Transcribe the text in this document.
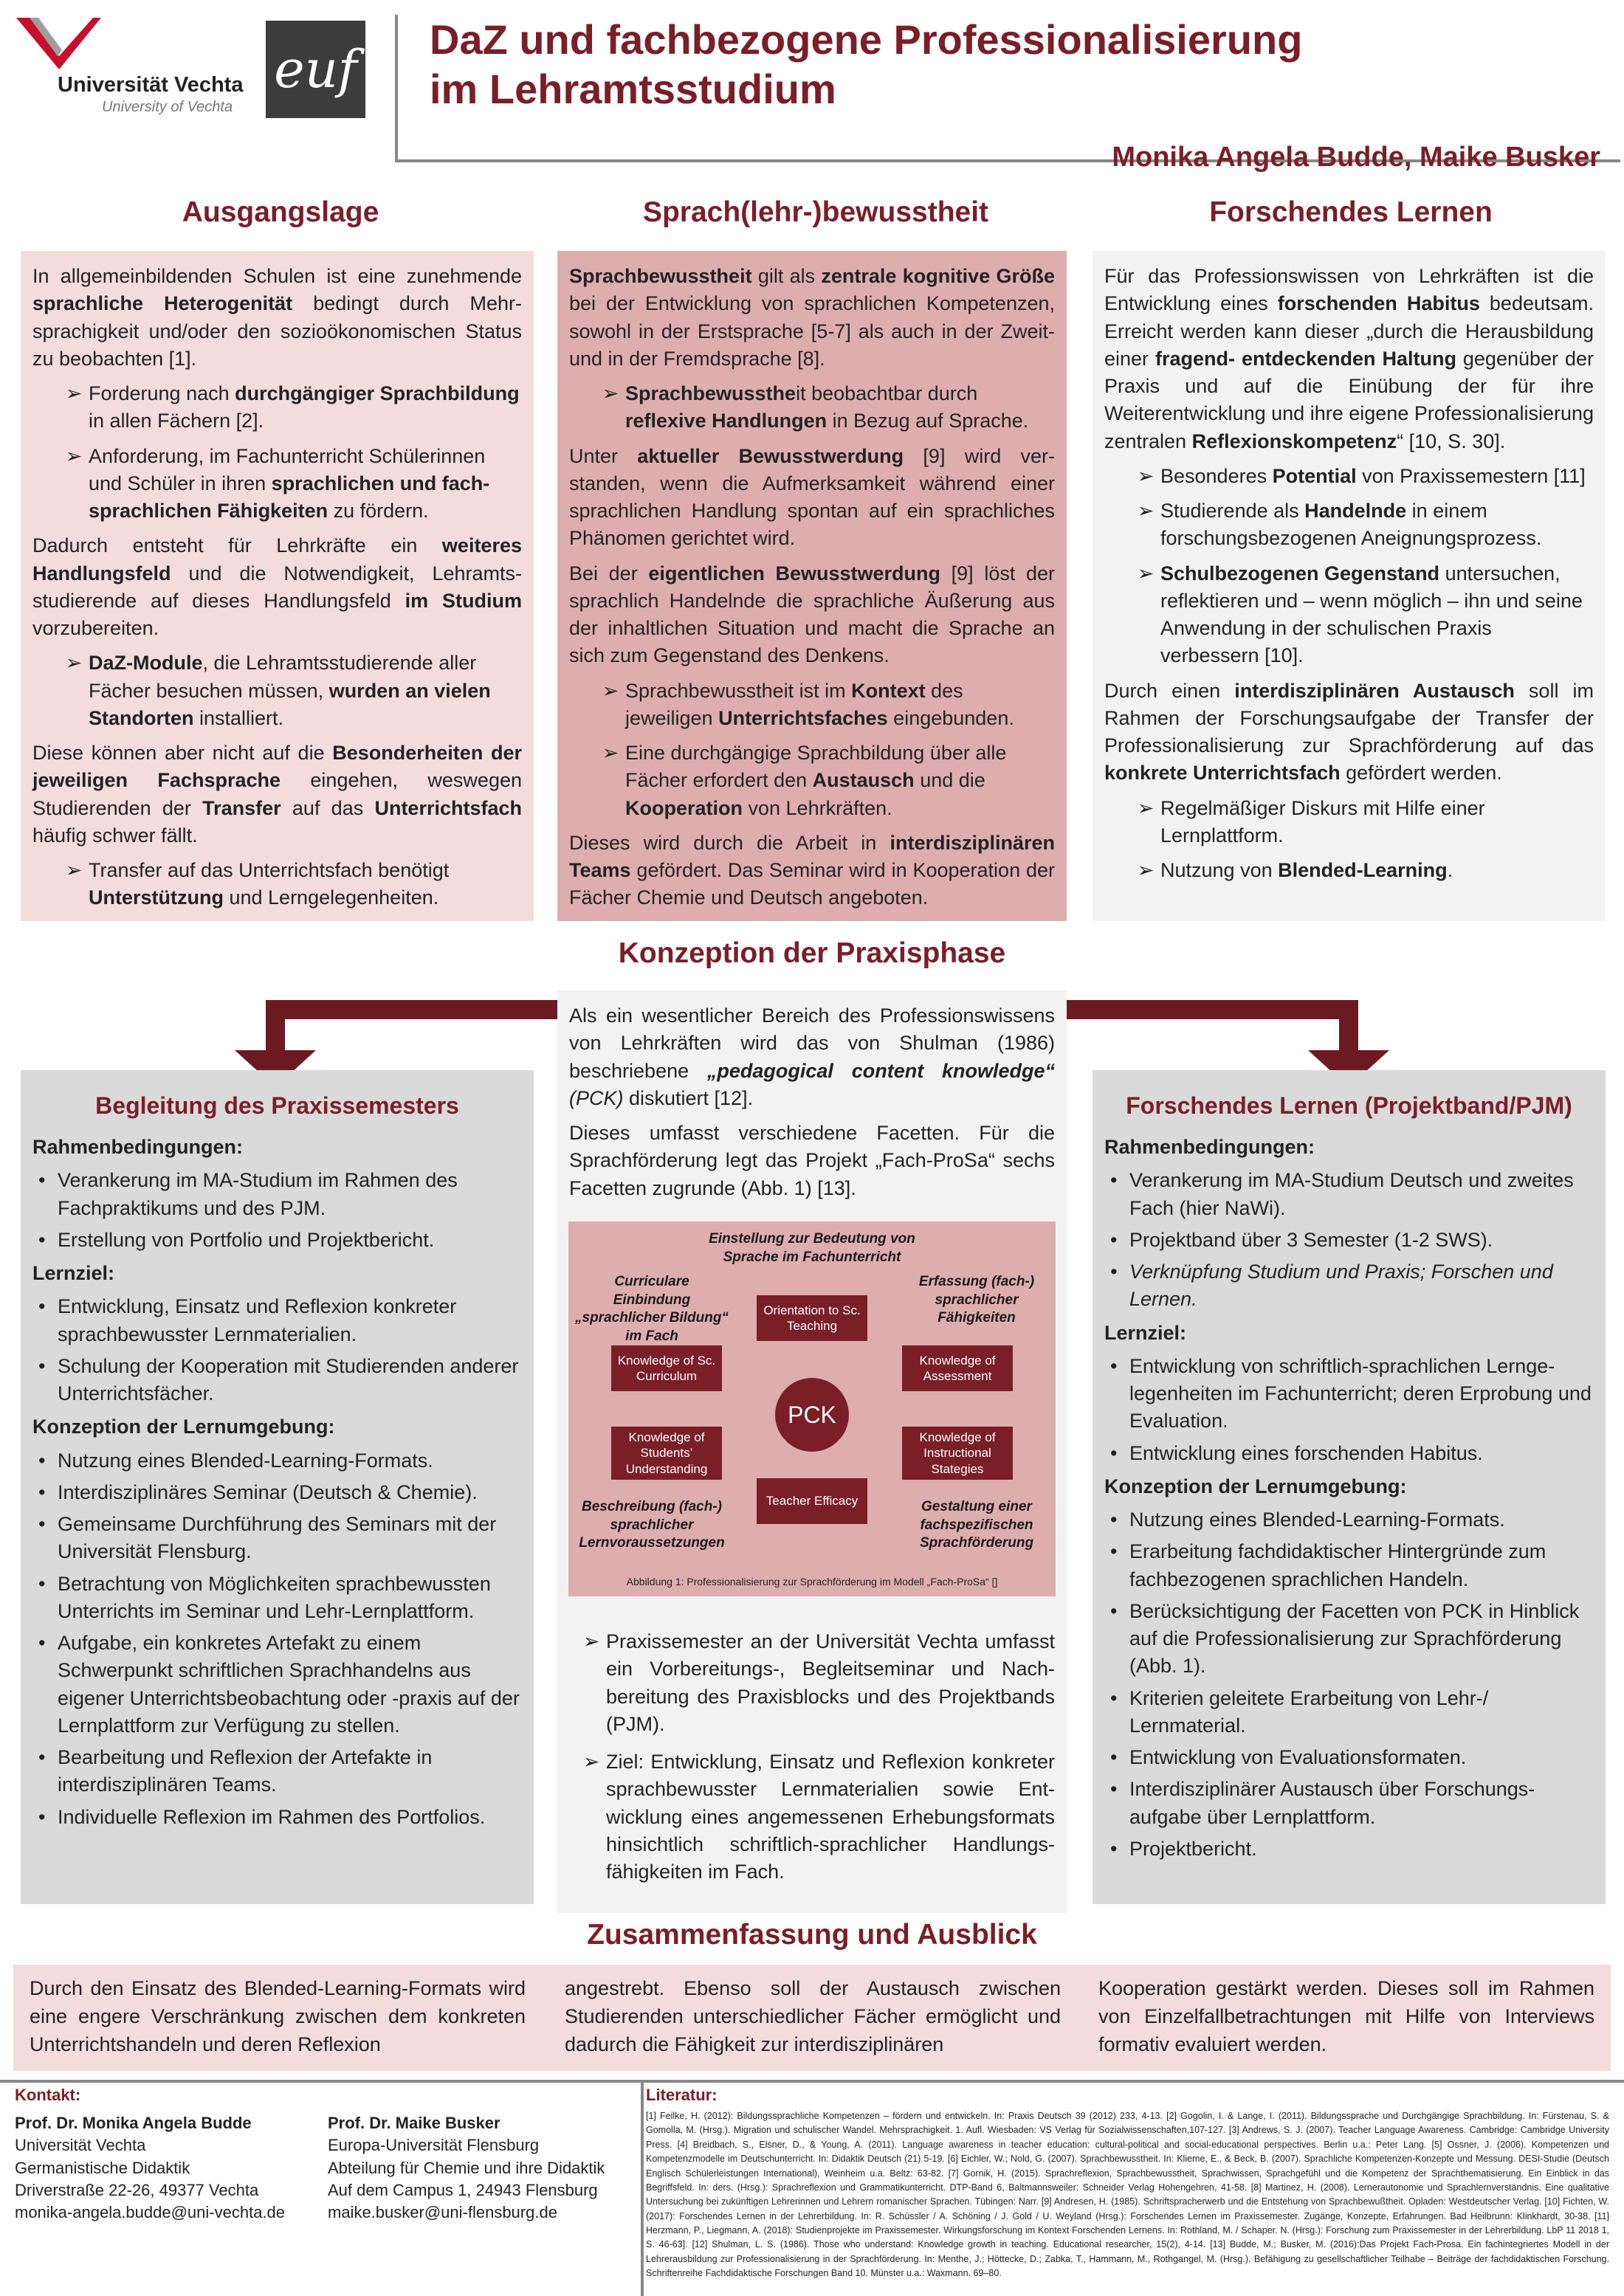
Universität Vechta
University of Vechta
euf DaZ und fachbezogene Professionalisierung
im Lehramtsstudium
Monika Angela Budde, Maike Busker
Ausgangslage	Sprach(lehr-)bewusstheit	Forschendes Lernen

In allgemeinbildenden Schulen ist eine zunehmende sprachliche Heterogenität bedingt durch Mehrsprachigkeit und/oder den sozioökonomischen Status zu beobachten [1].

➢ Forderung nach durchgängiger Sprachbildung in allen Fächern [2].
➢ Anforderung, im Fachunterricht Schülerinnen und Schüler in ihren sprachlichen und fachsprachlichen Fähigkeiten zu fördern.

Dadurch entsteht für Lehrkräfte ein weiteres Handlungsfeld und die Notwendigkeit, Lehramtsstudierende auf dieses Handlungsfeld im Studium vorzubereiten.

➢ DaZ-Module, die Lehramtsstudierende aller Fächer besuchen müssen, wurden an vielen Standorten installiert.

Diese können aber nicht auf die Besonderheiten der jeweiligen Fachsprache eingehen, weswegen Studierenden der Transfer auf das Unterrichtsfach häufig schwer fällt.

➢ Transfer auf das Unterrichtsfach benötigt Unterstützung und Lerngelegenheiten.

Sprachbewusstheit gilt als zentrale kognitive Größe bei der Entwicklung von sprachlichen Kompetenzen, sowohl in der Erstsprache [5-7] als auch in der Zweit- und in der Fremdsprache [8].

➢ Sprachbewusstheit beobachtbar durch reflexive Handlungen in Bezug auf Sprache.

Unter aktueller Bewusstwerdung [9] wird verstanden, wenn die Aufmerksamkeit während einer sprachlichen Handlung spontan auf ein sprachliches Phänomen gerichtet wird.

Bei der eigentlichen Bewusstwerdung [9] löst der sprachlich Handelnde die sprachliche Äußerung aus der inhaltlichen Situation und macht die Sprache an sich zum Gegenstand des Denkens.

➢ Sprachbewusstheit ist im Kontext des jeweiligen Unterrichtsfaches eingebunden.
➢ Eine durchgängige Sprachbildung über alle Fächer erfordert den Austausch und die Kooperation von Lehrkräften.

Dieses wird durch die Arbeit in interdisziplinären Teams gefördert. Das Seminar wird in Kooperation der Fächer Chemie und Deutsch angeboten.

Für das Professionswissen von Lehrkräften ist die Entwicklung eines forschenden Habitus bedeutsam. Erreicht werden kann dieser „durch die Herausbildung einer fragend- entdeckenden Haltung gegenüber der Praxis und auf die Einübung der für ihre Weiterentwicklung und ihre eigene Professionalisierung zentralen Reflexionskompetenz“ [10, S. 30].

➢ Besonderes Potential von Praxissemestern [11]
➢ Studierende als Handelnde in einem forschungsbezogenen Aneignungsprozess.
➢ Schulbezogenen Gegenstand untersuchen, reflektieren und – wenn möglich – ihn und seine Anwendung in der schulischen Praxis verbessern [10].

Durch einen interdisziplinären Austausch soll im Rahmen der Forschungsaufgabe der Transfer der Professionalisierung zur Sprachförderung auf das konkrete Unterrichtsfach gefördert werden.

➢ Regelmäßiger Diskurs mit Hilfe einer Lernplattform.
➢ Nutzung von Blended-Learning.
Konzeption der Praxisphase

Als ein wesentlicher Bereich des Professionswissens von Lehrkräften wird das von Shulman (1986) beschriebene „pedagogical content knowledge“ (PCK) diskutiert [12].

Dieses umfasst verschiedene Facetten. Für die Sprachförderung legt das Projekt „Fach-ProSa“ sechs Facetten zugrunde (Abb. 1) [13].

Einstellung zur Bedeutung von Sprache im Fachunterricht
Curriculare Einbindung „sprachlicher Bildung“ im Fach
Erfassung (fach-) sprachlicher Fähigkeiten
Beschreibung (fach-) sprachlicher Lernvoraussetzungen
Gestaltung einer fachspezifischen Sprachförderung
Orientation to Sc. Teaching
Knowledge of Sc. Curriculum
Knowledge of Assessment
PCK
Knowledge of Students’ Understanding
Knowledge of Instructional Stategies
Teacher Efficacy
Abbildung 1: Professionalisierung zur Sprachförderung im Modell „Fach-ProSa“ []
➢ Praxissemester an der Universität Vechta umfasst ein Vorbereitungs-, Begleitseminar und Nachbereitung des Praxisblocks und des Projektbands (PJM).
➢ Ziel: Entwicklung, Einsatz und Reflexion konkreter sprachbewusster Lernmaterialien sowie Entwicklung eines angemessenen Erhebungsformats hinsichtlich schriftlich-sprachlicher Handlungsfähigkeiten im Fach.
Begleitung des Praxissemesters
Rahmenbedingungen:
• Verankerung im MA-Studium im Rahmen des Fachpraktikums und des PJM.
• Erstellung von Portfolio und Projektbericht.
Lernziel:
• Entwicklung, Einsatz und Reflexion konkreter sprachbewusster Lernmaterialien.
• Schulung der Kooperation mit Studierenden anderer Unterrichtsfächer.
Konzeption der Lernumgebung:
• Nutzung eines Blended-Learning-Formats.
• Interdisziplinäres Seminar (Deutsch & Chemie).
• Gemeinsame Durchführung des Seminars mit der Universität Flensburg.
• Betrachtung von Möglichkeiten sprachbewussten Unterrichts im Seminar und Lehr-Lernplattform.
• Aufgabe, ein konkretes Artefakt zu einem Schwerpunkt schriftlichen Sprachhandelns aus eigener Unterrichtsbeobachtung oder -praxis auf der Lernplattform zur Verfügung zu stellen.
• Bearbeitung und Reflexion der Artefakte in interdisziplinären Teams.
• Individuelle Reflexion im Rahmen des Portfolios.
Forschendes Lernen (Projektband/PJM)
Rahmenbedingungen:
• Verankerung im MA-Studium Deutsch und zweites Fach (hier NaWi).
• Projektband über 3 Semester (1-2 SWS).
• Verknüpfung Studium und Praxis; Forschen und Lernen.
Lernziel:
• Entwicklung von schriftlich-sprachlichen Lerngelegenheiten im Fachunterricht; deren Erprobung und Evaluation.
• Entwicklung eines forschenden Habitus.
Konzeption der Lernumgebung:
• Nutzung eines Blended-Learning-Formats.
• Erarbeitung fachdidaktischer Hintergründe zum fachbezogenen sprachlichen Handeln.
• Berücksichtigung der Facetten von PCK in Hinblick auf die Professionalisierung zur Sprachförderung (Abb. 1).
• Kriterien geleitete Erarbeitung von Lehr-/ Lernmaterial.
• Entwicklung von Evaluationsformaten.
• Interdisziplinärer Austausch über Forschungsaufgabe über Lernplattform.
• Projektbericht.
Zusammenfassung und Ausblick
Durch den Einsatz des Blended-Learning-Formats wird eine engere Verschränkung zwischen dem konkreten Unterrichtshandeln und deren Reflexion
angestrebt. Ebenso soll der Austausch zwischen Studierenden unterschiedlicher Fächer ermöglicht und dadurch die Fähigkeit zur interdisziplinären
Kooperation gestärkt werden. Dieses soll im Rahmen von Einzelfallbetrachtungen mit Hilfe von Interviews formativ evaluiert werden.
Kontakt:
Prof. Dr. Monika Angela Budde
Universität Vechta
Germanistische Didaktik
Driverstraße 22-26, 49377 Vechta
monika-angela.budde@uni-vechta.de
Prof. Dr. Maike Busker
Europa-Universität Flensburg
Abteilung für Chemie und ihre Didaktik
Auf dem Campus 1, 24943 Flensburg
maike.busker@uni-flensburg.de
Literatur:
[1] Feilke, H. (2012): Bildungssprachliche Kompetenzen – fördern und entwickeln. In: Praxis Deutsch 39 (2012) 233, 4-13. [2] Gogolin, I. & Lange, I. (2011). Bildungssprache und Durchgängige Sprachbildung. In: Fürstenau, S. & Gomolla, M. (Hrsg.). Migration und schulischer Wandel. Mehrsprachigkeit. 1. Aufl. Wiesbaden: VS Verlag für Sozialwissenschaften,107-127. [3] Andrews, S. J. (2007). Teacher Language Awareness. Cambridge: Cambridge University Press. [4] Breidbach, S., Elsner, D., & Young, A. (2011). Language awareness in teacher education: cultural-political and social-educational perspectives. Berlin u.a.: Peter Lang. [5] Ossner, J. (2006). Kompetenzen und Kompetenzmodelle im Deutschunterricht. In: Didaktik Deutsch (21) 5-19. [6] Eichler, W.; Nold, G. (2007). Sprachbewusstheit. In: Klieme, E., & Beck, B. (2007). Sprachliche Kompetenzen-Konzepte und Messung. DESI-Studie (Deutsch Englisch Schülerleistungen International), Weinheim u.a. Beltz: 63-82. [7] Gornik, H. (2015). Sprachreflexion, Sprachbewusstheit, Sprachwissen, Sprachgefühl und die Kompetenz der Sprachthematisierung. Ein Einblick in das Begriffsfeld. In: ders. (Hrsg.): Sprachreflexion und Grammatikunterricht. DTP-Band 6, Baltmannsweiler: Schneider Verlag Hohengehren, 41-58. [8] Martinez, H. (2008). Lernerautonomie und Sprachlernverständnis. Eine qualitative Untersuchung bei zukünftigen Lehrerinnen und Lehrern romanischer Sprachen. Tübingen: Narr. [9] Andresen, H. (1985). Schriftspracherwerb und die Entstehung von Sprachbewußtheit. Opladen: Westdeutscher Verlag. [10] Fichten, W. (2017): Forschendes Lernen in der Lehrerbildung. In: R. Schüssler / A. Schöning / J. Gold / U. Weyland (Hrsg.): Forschendes Lernen im Praxissemester. Zugänge, Konzepte, Erfahrungen. Bad Heilbrunn: Klinkhardt, 30-38. [11] Herzmann, P., Liegmann, A. (2018): Studienprojekte im Praxissemester. Wirkungsforschung im Kontext Forschenden Lernens. In: Rothland, M. / Schaper. N. (Hrsg.): Forschung zum Praxissemester in der Lehrerbildung. LbP 11 2018 1, S. 46-63]. [12] Shulman, L. S. (1986). Those who understand: Knowledge growth in teaching. Educational researcher, 15(2), 4-14. [13] Budde, M.; Busker, M. (2016):Das Projekt Fach-Prosa. Ein fachintegriertes Modell in der Lehrerausbildung zur Professionalisierung in der Sprachförderung. In: Menthe, J.; Höttecke, D.; Zabka, T., Hammann, M., Rothgangel, M. (Hrsg.). Befähigung zu gesellschaftlicher Teilhabe – Beiträge der fachdidaktischen Forschung. Schriftenreihe Fachdidaktische Forschungen Band 10. Münster u.a.: Waxmann. 69–80.
